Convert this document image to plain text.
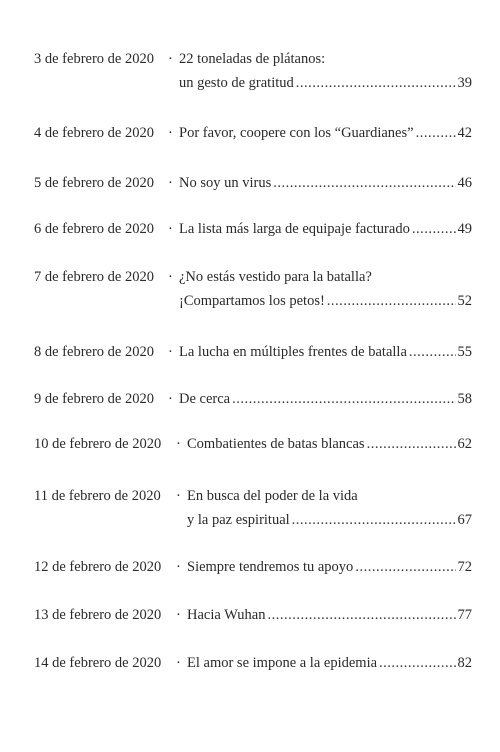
3 de febrero de 2020 · 22 toneladas de plátanos:
un gesto de gratitud .....	39
4 de febrero de 2020 · Por favor, coopere con los “Guardianes” .....	42
5 de febrero de 2020 · No soy un virus .....	46
6 de febrero de 2020 · La lista más larga de equipaje facturado .....	49
7 de febrero de 2020 · ¿No estás vestido para la batalla?
¡Compartamos los petos! .....	52
8 de febrero de 2020 · La lucha en múltiples frentes de batalla .....	55
9 de febrero de 2020 · De cerca .....	58
10 de febrero de 2020 · Combatientes de batas blancas .....	62
11 de febrero de 2020 · En busca del poder de la vida
y la paz espiritual .....	67
12 de febrero de 2020 · Siempre tendremos tu apoyo .....	72
13 de febrero de 2020 · Hacia Wuhan .....	77
14 de febrero de 2020 · El amor se impone a la epidemia .....	82
